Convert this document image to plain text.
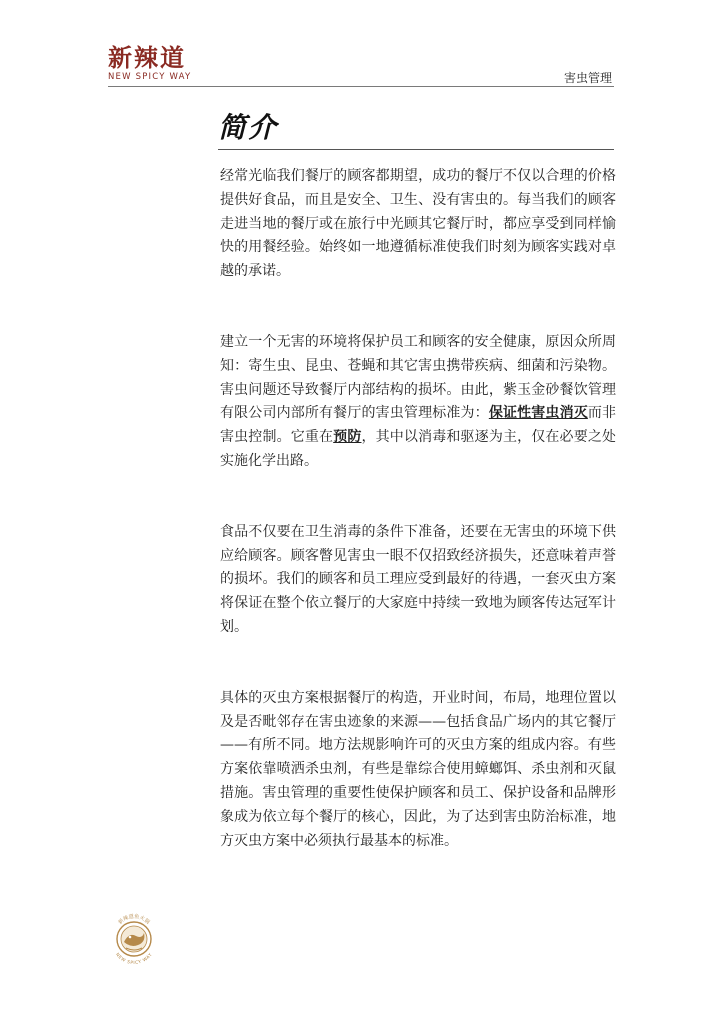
新辣道
NEW SPICY WAY	害虫管理
简介

经常光临我们餐厅的顾客都期望，成功的餐厅不仅以合理的价格提供好食品，而且是安全、卫生、没有害虫的。每当我们的顾客走进当地的餐厅或在旅行中光顾其它餐厅时，都应享受到同样愉快的用餐经验。始终如一地遵循标准使我们时刻为顾客实践对卓越的承诺。

建立一个无害的环境将保护员工和顾客的安全健康，原因众所周知：寄生虫、昆虫、苍蝇和其它害虫携带疾病、细菌和污染物。害虫问题还导致餐厅内部结构的损坏。由此，紫玉金砂餐饮管理有限公司内部所有餐厅的害虫管理标准为：保证性害虫消灭而非害虫控制。它重在预防，其中以消毒和驱逐为主，仅在必要之处实施化学出路。

食品不仅要在卫生消毒的条件下准备，还要在无害虫的环境下供应给顾客。顾客瞥见害虫一眼不仅招致经济损失，还意味着声誉的损坏。我们的顾客和员工理应受到最好的待遇，一套灭虫方案将保证在整个依立餐厅的大家庭中持续一致地为顾客传达冠军计划。

具体的灭虫方案根据餐厅的构造，开业时间，布局，地理位置以及是否毗邻存在害虫迹象的来源——包括食品广场内的其它餐厅——有所不同。地方法规影响许可的灭虫方案的组成内容。有些方案依靠喷洒杀虫剂，有些是靠综合使用蟑螂饵、杀虫剂和灭鼠措施。害虫管理的重要性使保护顾客和员工、保护设备和品牌形象成为依立每个餐厅的核心，因此，为了达到害虫防治标准，地方灭虫方案中必须执行最基本的标准。

新辣道鱼火锅
NEW SPICY WAY
